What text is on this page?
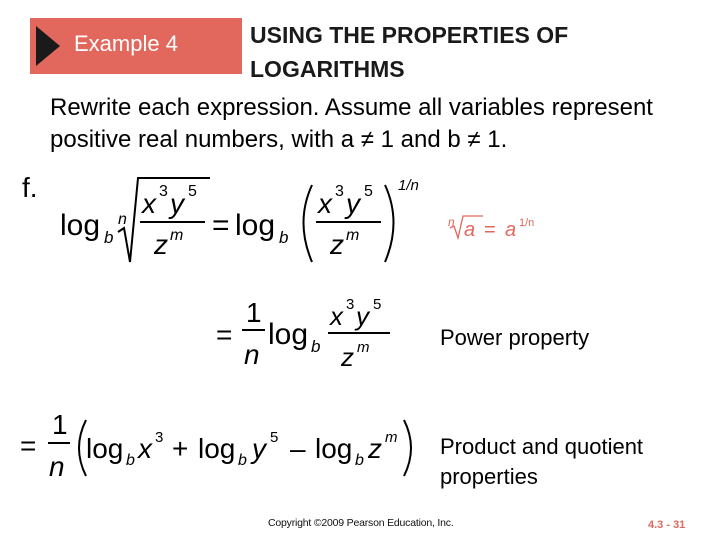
Example 4	USING THE PROPERTIES OF
LOGARITHMS
Rewrite each expression. Assume all variables represent positive real numbers, with a ≠ 1 and b ≠ 1.
f.
log b
n
x 3 y 5
z m = log b
x 3 y 5
z m
1/n
n a = a 1/n
=
1
n
log b
x 3 y 5
z m
=
1
n
log b x 3 + log b y 5 – log b z m
Power property
Product and quotient
properties
Copyright ©2009 Pearson Education, Inc.	4.3 - 31
